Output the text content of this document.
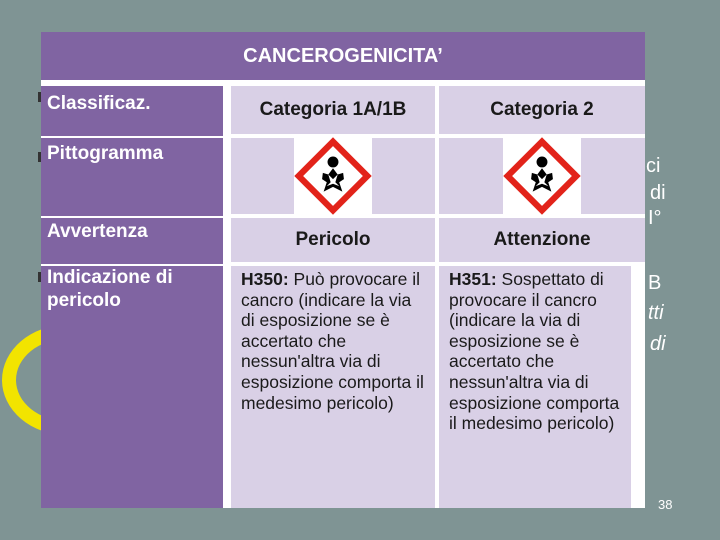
ci
di
I°
B
tti
di
CANCEROGENICITA’
Classificaz.
Pittogramma
Avvertenza
Indicazione di pericolo
Categoria 1A/1B	Categoria 2
Pericolo	Attenzione
H350: Può provocare il cancro (indicare la via di esposizione se è accertato che nessun'altra via di esposizione comporta il medesimo pericolo)
H351: Sospettato di provocare il cancro (indicare la via di esposizione se è accertato che nessun'altra via di esposizione comporta il medesimo pericolo)

38
